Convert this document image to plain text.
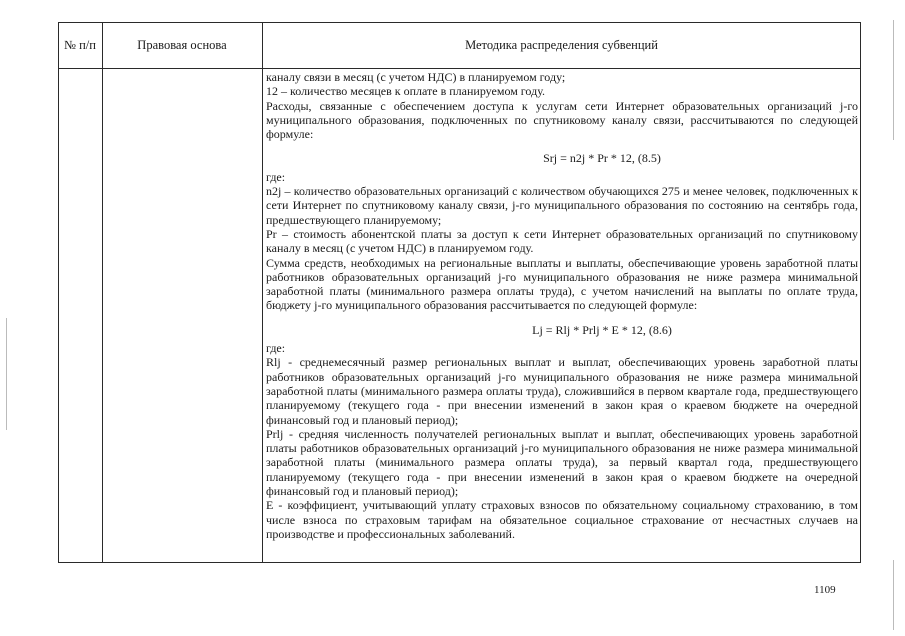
№ п/п	Правовая основа	Методика распределения субвенций

каналу связи в месяц (с учетом НДС) в планируемом году;

12 – количество месяцев к оплате в планируемом году.

Расходы, связанные с обеспечением доступа к услугам сети Интернет образовательных организаций j-го муниципального образования, подключенных по спутниковому каналу связи, рассчитываются по следующей формуле:

Srj = n2j * Pr * 12, (8.5)

где:

n2j – количество образовательных организаций с количеством обучающихся 275 и менее человек, подключенных к сети Интернет по спутниковому каналу связи, j-го муниципального образования по состоянию на сентябрь года, предшествующего планируемому;

Pr – стоимость абонентской платы за доступ к сети Интернет образовательных организаций по спутниковому каналу в месяц (с учетом НДС) в планируемом году.

Сумма средств, необходимых на региональные выплаты и выплаты, обеспечивающие уровень заработной платы работников образовательных организаций j-го муниципального образования не ниже размера минимальной заработной платы (минимального размера оплаты труда), с учетом начислений на выплаты по оплате труда, бюджету j-го муниципального образования рассчитывается по следующей формуле:

Lj = Rlj * Prlj * E * 12, (8.6)

где:

Rlj - среднемесячный размер региональных выплат и выплат, обеспечивающих уровень заработной платы работников образовательных организаций j-го муниципального образования не ниже размера минимальной заработной платы (минимального размера оплаты труда), сложившийся в первом квартале года, предшествующего планируемому (текущего года - при внесении изменений в закон края о краевом бюджете на очередной финансовый год и плановый период);

Prlj - средняя численность получателей региональных выплат и выплат, обеспечивающих уровень заработной платы работников образовательных организаций j-го муниципального образования не ниже размера минимальной заработной платы (минимального размера оплаты труда), за первый квартал года, предшествующего планируемому (текущего года - при внесении изменений в закон края о краевом бюджете на очередной финансовый год и плановый период);

E - коэффициент, учитывающий уплату страховых взносов по обязательному социальному страхованию, в том числе взноса по страховым тарифам на обязательное социальное страхование от несчастных случаев на производстве и профессиональных заболеваний.

1109
